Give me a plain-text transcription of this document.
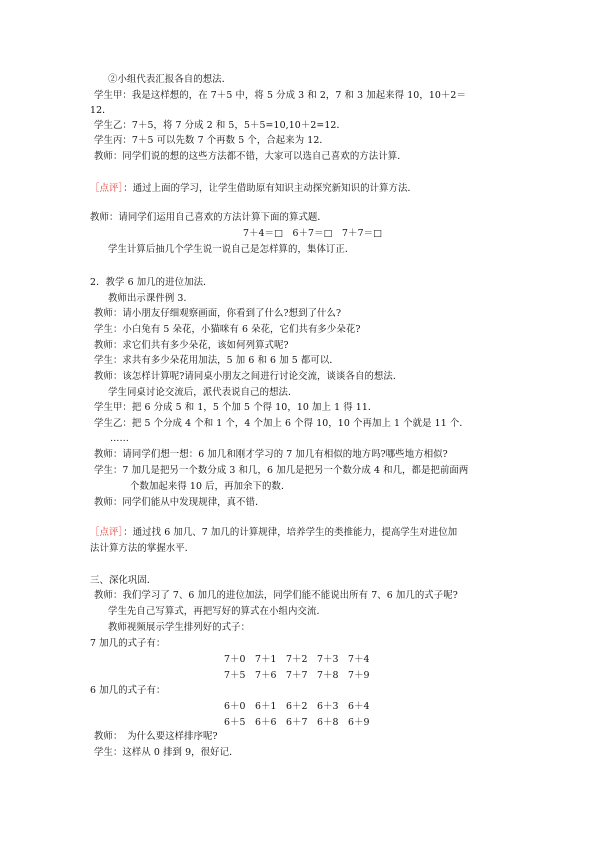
②小组代表汇报各自的想法．
学生甲：我是这样想的，在 7＋5 中，将 5 分成 3 和 2，7 和 3 加起来得 10，10＋2＝
12．
学生乙：7＋5，将 7 分成 2 和 5，5＋5=10,10＋2=12．
学生丙：7＋5 可以先数 7 个再数 5 个，合起来为 12．
教师：同学们说的想的这些方法都不错，大家可以选自己喜欢的方法计算．
教师：请同学们运用自己喜欢的方法计算下面的算式题．
7＋4＝□　6＋7＝□　7＋7＝□
学生计算后抽几个学生说一说自己是怎样算的，集体订正．
2．教学 6 加几的进位加法．
教师出示课件例 3．
教师：请小朋友仔细观察画面，你看到了什么?想到了什么?
学生：小白兔有 5 朵花，小猫咪有 6 朵花，它们共有多少朵花?
教师：求它们共有多少朵花，该如何列算式呢?
学生：求共有多少朵花用加法，5 加 6 和 6 加 5 都可以．
教师：该怎样计算呢?请同桌小朋友之间进行讨论交流，谈谈各自的想法．
学生同桌讨论交流后，派代表说自己的想法．
学生甲：把 6 分成 5 和 1，5 个加 5 个得 10，10 加上 1 得 11．
学生乙：把 5 个分成 4 个和 1 个，4 个加上 6 个得 10，10 个再加上 1 个就是 11 个．
……
教师：请同学们想一想：6 加几和刚才学习的 7 加几有相似的地方吗?哪些地方相似?
学生：7 加几是把另一个数分成 3 和几，6 加几是把另一个数分成 4 和几，都是把前面两
个数加起来得 10 后，再加余下的数．
教师：同学们能从中发现规律，真不错．
三、深化巩固．
教师：我们学习了 7、6 加几的进位加法，同学们能不能说出所有 7、6 加几的式子呢?
学生先自己写算式，再把写好的算式在小组内交流．
教师视频展示学生排列好的式子：
7 加几的式子有：
6 加几的式子有：
教师：　为什么要这样排序呢?
学生：这样从 0 排到 9，很好记．
［点评］：通过上面的学习，让学生借助原有知识主动探究新知识的计算方法．
［点评］：通过找 6 加几、7 加几的计算规律，培养学生的类推能力，提高学生对进位加
法计算方法的掌握水平．
7＋0 7＋1 7＋2 7＋3 7＋4
7＋5 7＋6 7＋7 7＋8 7＋9
6＋0 6＋1 6＋2 6＋3 6＋4
6＋5 6＋6 6＋7 6＋8 6＋9
